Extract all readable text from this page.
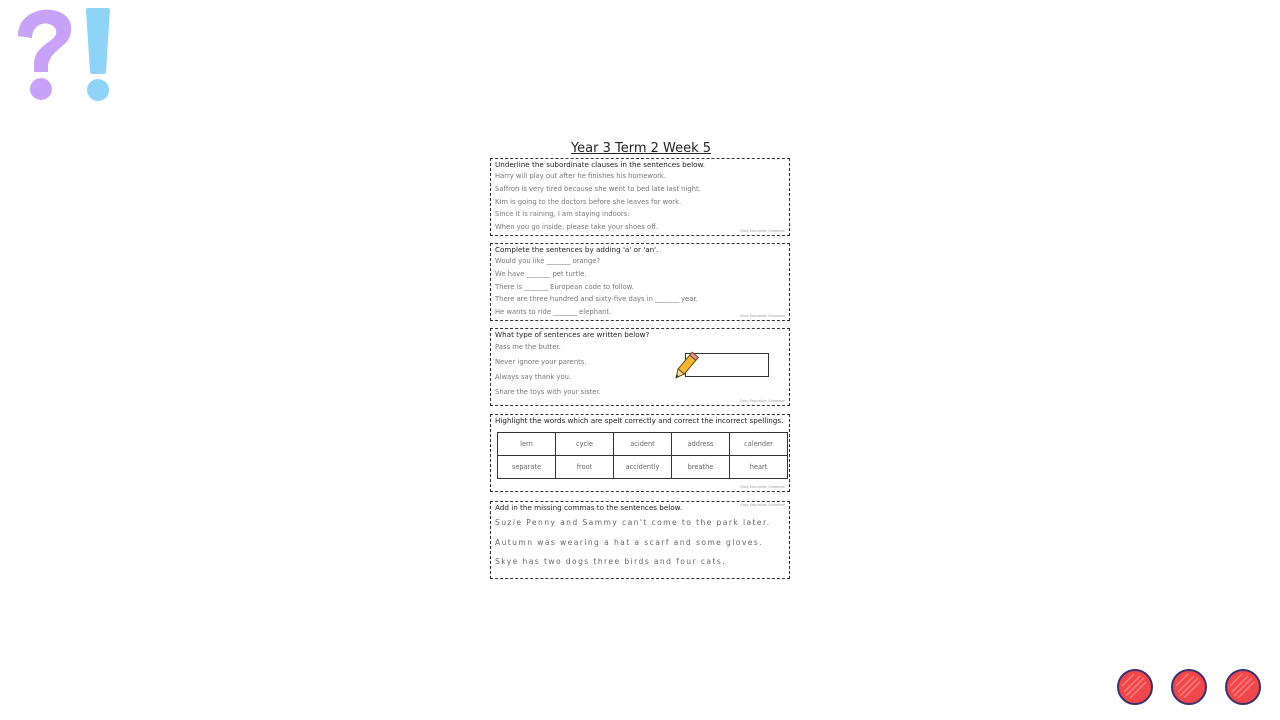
Year 3 Term 2 Week 5
Underline the subordinate clauses in the sentences below.
Harry will play out after he finishes his homework.
Saffron is very tired because she went to bed late last night.
Kim is going to the doctors before she leaves for work.
Since it is raining, I am staying indoors.
When you go inside, please take your shoes off.	Easy Education Grammar
Complete the sentences by adding 'a' or 'an'.
Would you like _______ orange?
We have _______ pet turtle.
There is _______ European code to follow.
There are three hundred and sixty-five days in _______ year.
He wants to ride _______ elephant.	Easy Education Grammar
What type of sentences are written below?
Pass me the butter.
Never ignore your parents.
Always say thank you.
Share the toys with your sister.
Easy Education Grammar
Highlight the words which are spelt correctly and correct the incorrect spellings.
lern	cycle	acident	address	calender
separate	froot	accidently	breathe	heart
Easy Education Grammar
Add in the missing commas to the sentences below.
Suzie Penny and Sammy can't come to the park later.
Autumn was wearing a hat a scarf and some gloves.
Skye has two dogs three birds and four cats.
Easy Education Grammar
